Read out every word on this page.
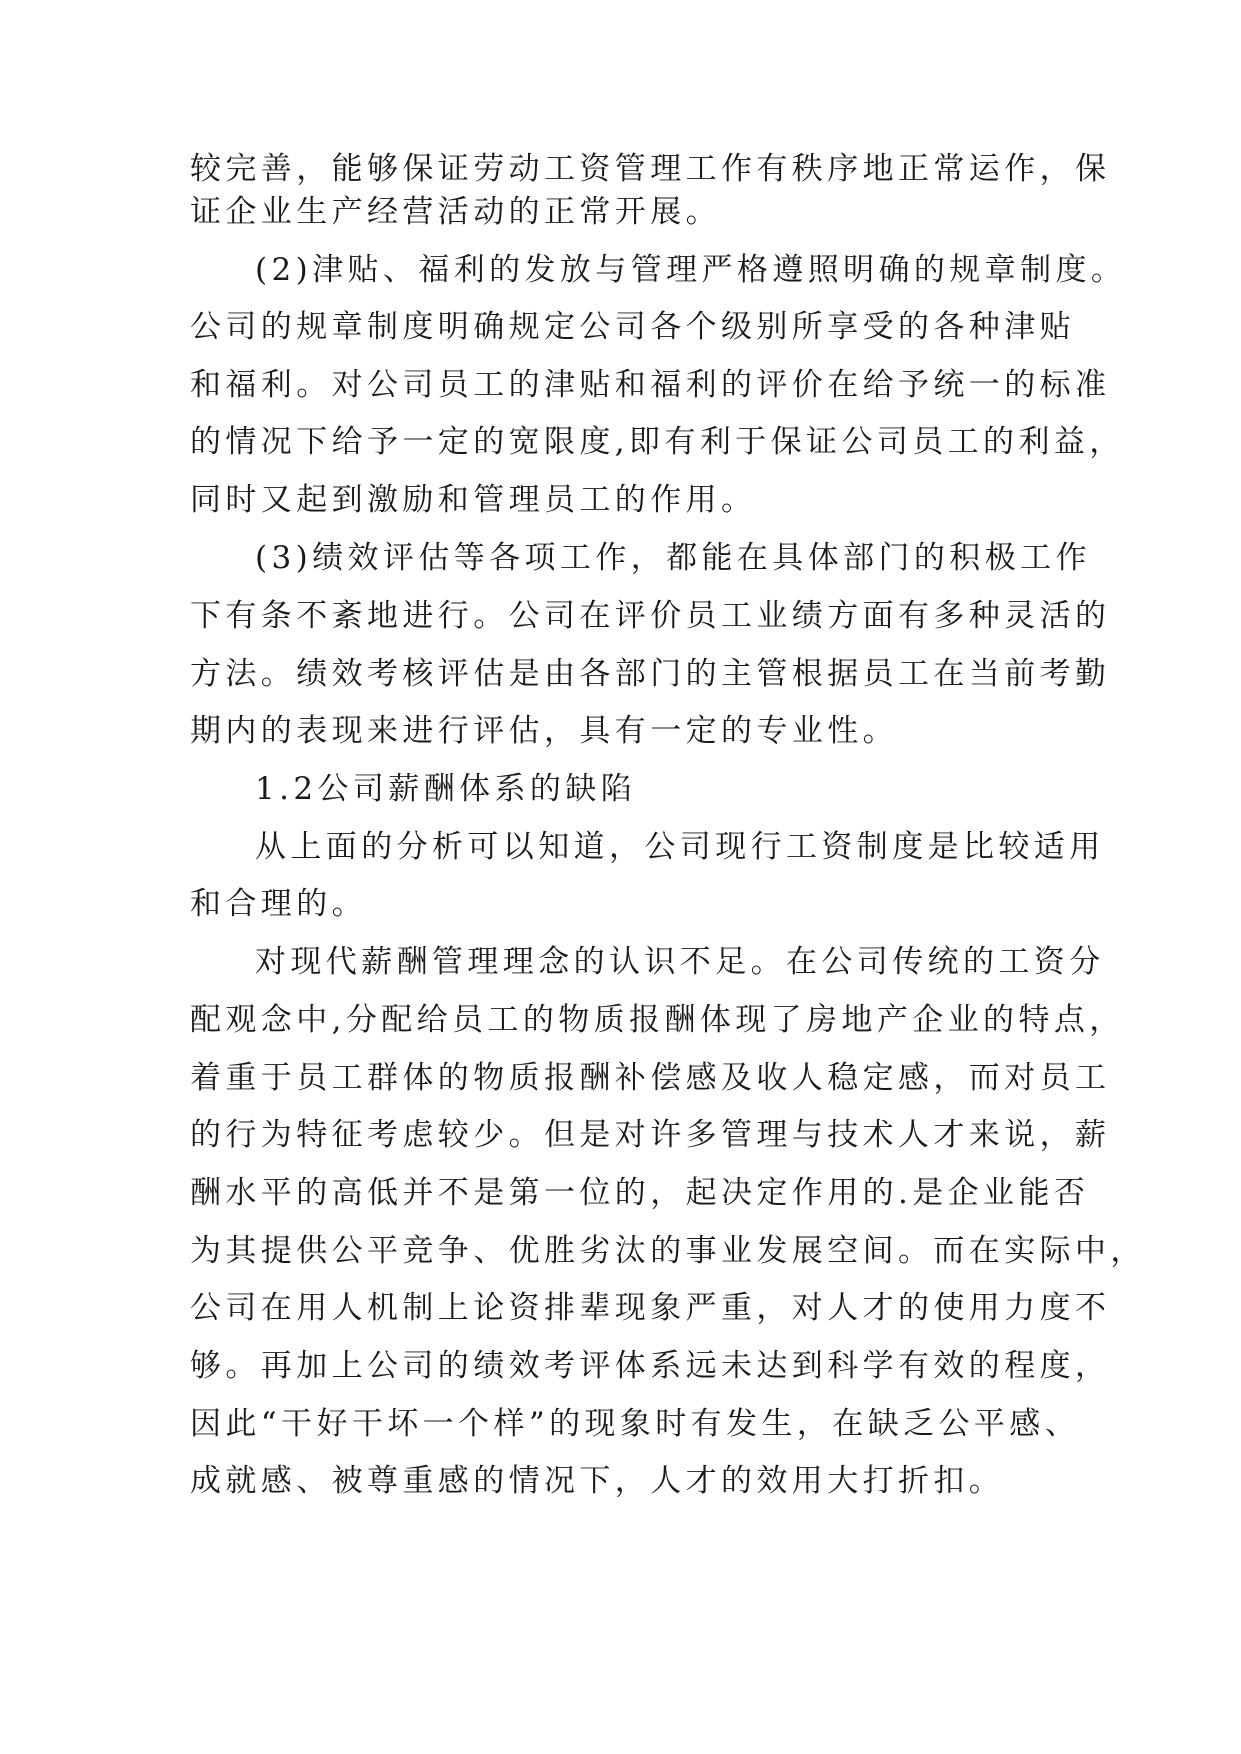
较完善，能够保证劳动工资管理工作有秩序地正常运作，保
证企业生产经营活动的正常开展。
(2)津贴、福利的发放与管理严格遵照明确的规章制度。
公司的规章制度明确规定公司各个级别所享受的各种津贴
和福利。对公司员工的津贴和福利的评价在给予统一的标准
的情况下给予一定的宽限度,即有利于保证公司员工的利益，
同时又起到激励和管理员工的作用。
(3)绩效评估等各项工作，都能在具体部门的积极工作
下有条不紊地进行。公司在评价员工业绩方面有多种灵活的
方法。绩效考核评估是由各部门的主管根据员工在当前考勤
期内的表现来进行评估，具有一定的专业性。
1.2公司薪酬体系的缺陷
从上面的分析可以知道，公司现行工资制度是比较适用
和合理的。
对现代薪酬管理理念的认识不足。在公司传统的工资分
配观念中,分配给员工的物质报酬体现了房地产企业的特点，
着重于员工群体的物质报酬补偿感及收人稳定感，而对员工
的行为特征考虑较少。但是对许多管理与技术人才来说，薪
酬水平的高低并不是第一位的，起决定作用的.是企业能否
为其提供公平竞争、优胜劣汰的事业发展空间。而在实际中，
公司在用人机制上论资排辈现象严重，对人才的使用力度不
够。再加上公司的绩效考评体系远未达到科学有效的程度，
因此“干好干坏一个样”的现象时有发生，在缺乏公平感、
成就感、被尊重感的情况下，人才的效用大打折扣。
